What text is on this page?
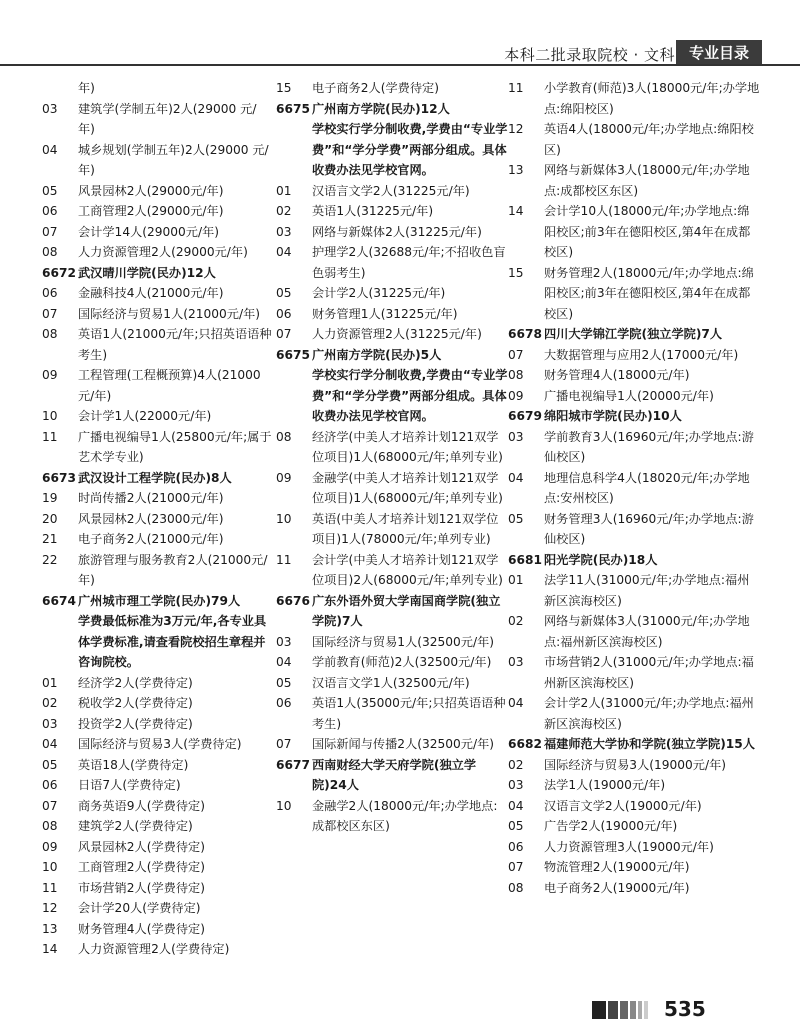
本科二批录取院校 · 文科 专业目录
年)
03	建筑学(学制五年)2人(29000 元/年)
04	城乡规划(学制五年)2人(29000 元/年)
05	风景园林2人(29000元/年)
06	工商管理2人(29000元/年)
07	会计学14人(29000元/年)
08	人力资源管理2人(29000元/年)
6672 武汉晴川学院(民办)12人
06	金融科技4人(21000元/年)
07	国际经济与贸易1人(21000元/年)
08	英语1人(21000元/年;只招英语语种考生)
09	工程管理(工程概预算)4人(21000元/年)
10	会计学1人(22000元/年)
11	广播电视编导1人(25800元/年;属于艺术学专业)
6673 武汉设计工程学院(民办)8人
19	时尚传播2人(21000元/年)
20	风景园林2人(23000元/年)
21	电子商务2人(21000元/年)
22	旅游管理与服务教育2人(21000元/年)
6674 广州城市理工学院(民办)79人
学费最低标准为3万元/年,各专业具体学费标准,请查看院校招生章程并咨询院校。
01	经济学2人(学费待定)
02	税收学2人(学费待定)
03	投资学2人(学费待定)
04	国际经济与贸易3人(学费待定)
05	英语18人(学费待定)
06	日语7人(学费待定)
07	商务英语9人(学费待定)
08	建筑学2人(学费待定)
09	风景园林2人(学费待定)
10	工商管理2人(学费待定)
11	市场营销2人(学费待定)
12	会计学20人(学费待定)
13	财务管理4人(学费待定)
14	人力资源管理2人(学费待定)
15	电子商务2人(学费待定)
6675 广州南方学院(民办)12人
学校实行学分制收费,学费由“专业学费”和“学分学费”两部分组成。具体收费办法见学校官网。
01	汉语言文学2人(31225元/年)
02	英语1人(31225元/年)
03	网络与新媒体2人(31225元/年)
04	护理学2人(32688元/年;不招收色盲色弱考生)
05	会计学2人(31225元/年)
06	财务管理1人(31225元/年)
07	人力资源管理2人(31225元/年)
6675 广州南方学院(民办)5人
学校实行学分制收费,学费由“专业学费”和“学分学费”两部分组成。具体收费办法见学校官网。
08	经济学(中美人才培养计划121双学位项目)1人(68000元/年;单列专业)
09	金融学(中美人才培养计划121双学位项目)1人(68000元/年;单列专业)
10	英语(中美人才培养计划121双学位项目)1人(78000元/年;单列专业)
11	会计学(中美人才培养计划121双学位项目)2人(68000元/年;单列专业)
6676 广东外语外贸大学南国商学院(独立学院)7人
03	国际经济与贸易1人(32500元/年)
04	学前教育(师范)2人(32500元/年)
05	汉语言文学1人(32500元/年)
06	英语1人(35000元/年;只招英语语种考生)
07	国际新闻与传播2人(32500元/年)
6677 西南财经大学天府学院(独立学院)24人
10	金融学2人(18000元/年;办学地点:成都校区东区)
11	小学教育(师范)3人(18000元/年;办学地点:绵阳校区)
12	英语4人(18000元/年;办学地点:绵阳校区)
13	网络与新媒体3人(18000元/年;办学地点:成都校区东区)
14	会计学10人(18000元/年;办学地点:绵阳校区;前3年在德阳校区,第4年在成都校区)
15	财务管理2人(18000元/年;办学地点:绵阳校区;前3年在德阳校区,第4年在成都校区)
6678 四川大学锦江学院(独立学院)7人
07	大数据管理与应用2人(17000元/年)
08	财务管理4人(18000元/年)
09	广播电视编导1人(20000元/年)
6679 绵阳城市学院(民办)10人
03	学前教育3人(16960元/年;办学地点:游仙校区)
04	地理信息科学4人(18020元/年;办学地点:安州校区)
05	财务管理3人(16960元/年;办学地点:游仙校区)
6681 阳光学院(民办)18人
01	法学11人(31000元/年;办学地点:福州新区滨海校区)
02	网络与新媒体3人(31000元/年;办学地点:福州新区滨海校区)
03	市场营销2人(31000元/年;办学地点:福州新区滨海校区)
04	会计学2人(31000元/年;办学地点:福州新区滨海校区)
6682 福建师范大学协和学院(独立学院)15人
02	国际经济与贸易3人(19000元/年)
03	法学1人(19000元/年)
04	汉语言文学2人(19000元/年)
05	广告学2人(19000元/年)
06	人力资源管理3人(19000元/年)
07	物流管理2人(19000元/年)
08	电子商务2人(19000元/年)
535
